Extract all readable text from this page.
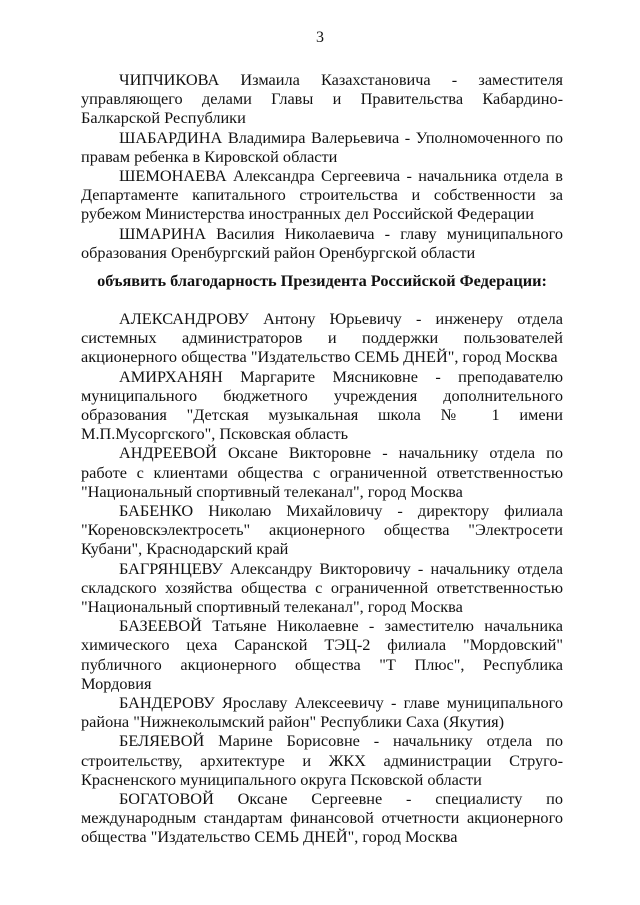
3

ЧИПЧИКОВА Измаила Казахстановича - заместителя управляющего делами Главы и Правительства Кабардино-Балкарской Республики

ШАБАРДИНА Владимира Валерьевича - Уполномоченного по правам ребенка в Кировской области

ШЕМОНАЕВА Александра Сергеевича - начальника отдела в Департаменте капитального строительства и собственности за рубежом Министерства иностранных дел Российской Федерации

ШМАРИНА Василия Николаевича - главу муниципального образования Оренбургский район Оренбургской области

объявить благодарность Президента Российской Федерации:

АЛЕКСАНДРОВУ Антону Юрьевичу - инженеру отдела системных администраторов и поддержки пользователей акционерного общества "Издательство СЕМЬ ДНЕЙ", город Москва

АМИРХАНЯН Маргарите Мясниковне - преподавателю муниципального бюджетного учреждения дополнительного образования "Детская музыкальная школа № 1 имени М.П.Мусоргского", Псковская область

АНДРЕЕВОЙ Оксане Викторовне - начальнику отдела по работе с клиентами общества с ограниченной ответственностью "Национальный спортивный телеканал", город Москва

БАБЕНКО Николаю Михайловичу - директору филиала "Кореновскэлектросеть" акционерного общества "Электросети Кубани", Краснодарский край

БАГРЯНЦЕВУ Александру Викторовичу - начальнику отдела складского хозяйства общества с ограниченной ответственностью "Национальный спортивный телеканал", город Москва

БАЗЕЕВОЙ Татьяне Николаевне - заместителю начальника химического цеха Саранской ТЭЦ-2 филиала "Мордовский" публичного акционерного общества "Т Плюс", Республика Мордовия

БАНДЕРОВУ Ярославу Алексеевичу - главе муниципального района "Нижнеколымский район" Республики Саха (Якутия)

БЕЛЯЕВОЙ Марине Борисовне - начальнику отдела по строительству, архитектуре и ЖКХ администрации Струго-Красненского муниципального округа Псковской области

БОГАТОВОЙ Оксане Сергеевне - специалисту по международным стандартам финансовой отчетности акционерного общества "Издательство СЕМЬ ДНЕЙ", город Москва
